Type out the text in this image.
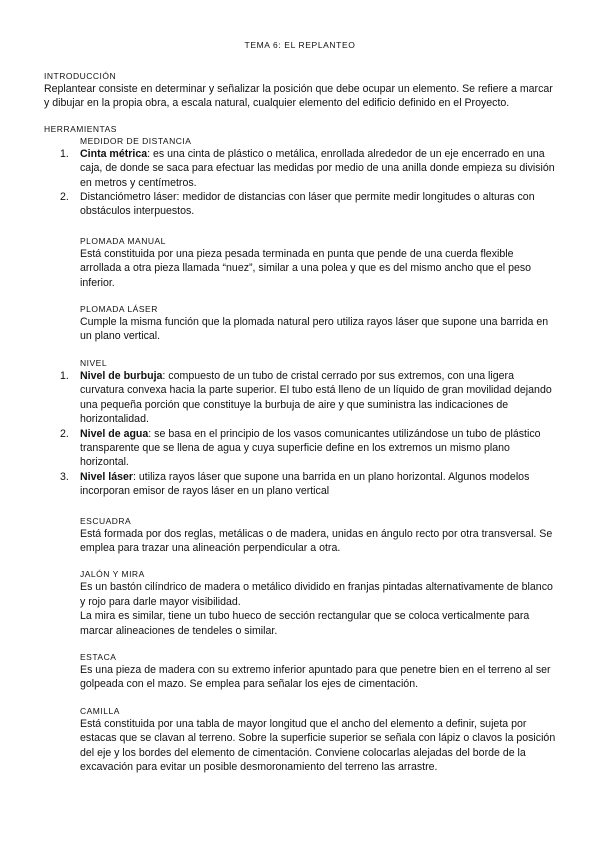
TEMA 6: EL REPLANTEO

INTRODUCCIÓN

Replantear consiste en determinar y señalizar la posición que debe ocupar un elemento. Se refiere a marcar y dibujar en la propia obra, a escala natural, cualquier elemento del edificio definido en el Proyecto.

HERRAMIENTAS

MEDIDOR DE DISTANCIA

1. Cinta métrica: es una cinta de plástico o metálica, enrollada alrededor de un eje encerrado en una caja, de donde se saca para efectuar las medidas por medio de una anilla donde empieza su división en metros y centímetros.
2. Distanciómetro láser: medidor de distancias con láser que permite medir longitudes o alturas con obstáculos interpuestos.

PLOMADA MANUAL

Está constituida por una pieza pesada terminada en punta que pende de una cuerda flexible arrollada a otra pieza llamada “nuez”, similar a una polea y que es del mismo ancho que el peso inferior.

PLOMADA LÁSER

Cumple la misma función que la plomada natural pero utiliza rayos láser que supone una barrida en un plano vertical.

NIVEL

1. Nivel de burbuja: compuesto de un tubo de cristal cerrado por sus extremos, con una ligera curvatura convexa hacia la parte superior. El tubo está lleno de un líquido de gran movilidad dejando una pequeña porción que constituye la burbuja de aire y que suministra las indicaciones de horizontalidad.
2. Nivel de agua: se basa en el principio de los vasos comunicantes utilizándose un tubo de plástico transparente que se llena de agua y cuya superficie define en los extremos un mismo plano horizontal.
3. Nivel láser: utiliza rayos láser que supone una barrida en un plano horizontal. Algunos modelos incorporan emisor de rayos láser en un plano vertical

ESCUADRA

Está formada por dos reglas, metálicas o de madera, unidas en ángulo recto por otra transversal. Se emplea para trazar una alineación perpendicular a otra.

JALÓN Y MIRA

Es un bastón cilíndrico de madera o metálico dividido en franjas pintadas alternativamente de blanco y rojo para darle mayor visibilidad.

La mira es similar, tiene un tubo hueco de sección rectangular que se coloca verticalmente para marcar alineaciones de tendeles o similar.

ESTACA

Es una pieza de madera con su extremo inferior apuntado para que penetre bien en el terreno al ser golpeada con el mazo. Se emplea para señalar los ejes de cimentación.

CAMILLA

Está constituida por una tabla de mayor longitud que el ancho del elemento a definir, sujeta por estacas que se clavan al terreno. Sobre la superficie superior se señala con lápiz o clavos la posición del eje y los bordes del elemento de cimentación. Conviene colocarlas alejadas del borde de la excavación para evitar un posible desmoronamiento del terreno las arrastre.
